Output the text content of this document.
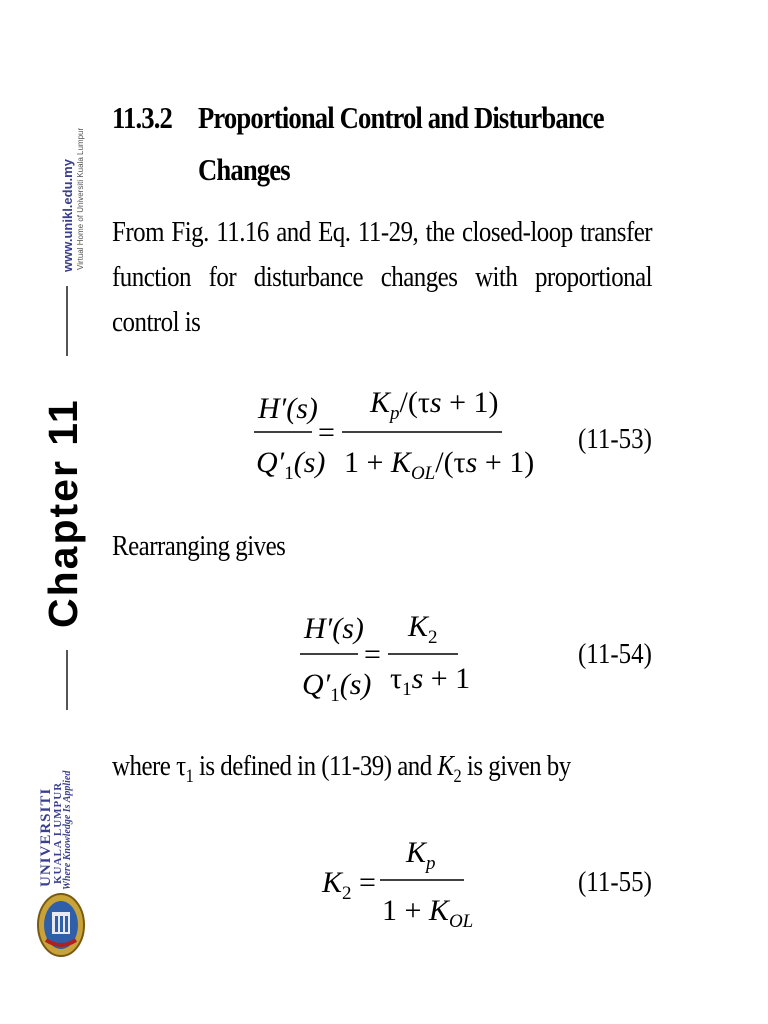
www.unikl.edu.my Virtual Home of Universiti Kuala Lumpur
Chapter 11
UNIVERSITI
KUALA LUMPUR
Where Knowledge Is Applied
11.3.2 Proportional Control and Disturbance
Changes
From Fig. 11.16 and Eq. 11-29, the closed-loop transfer
function for disturbance changes with proportional
control is
Rearranging gives
where $\tau_1$ is defined in (11-39) and $K_2$ is given by
H′(s)
$Q'_1(s)$
=
$K_p/(\tau s + 1)$
$1 + K_{OL}/(\tau s + 1)$
(11-53)
H′(s)
$Q'_1(s)$
=
$K_2$
$\tau_1s + 1$
(11-54)
$K_2$ =
$K_p$
$1 + K_{OL}$
(11-55)
